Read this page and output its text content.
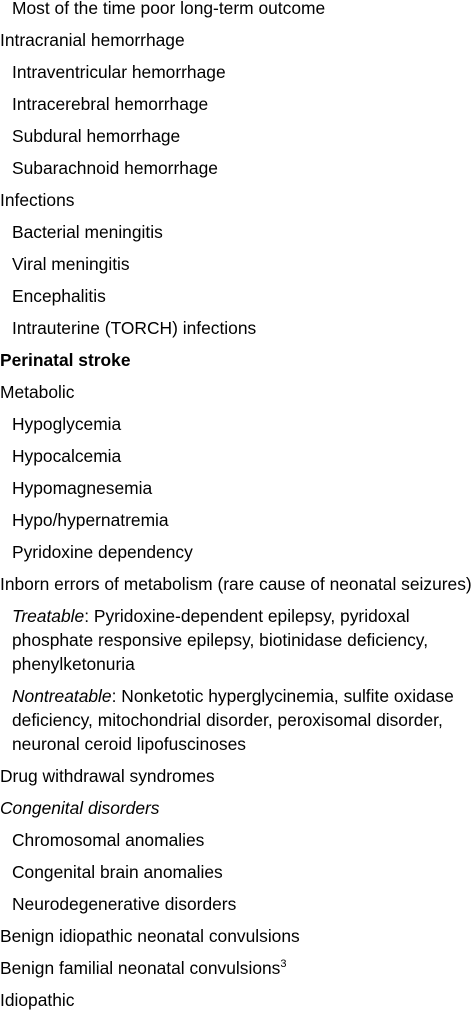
Most of the time poor long-term outcome
Intracranial hemorrhage
Intraventricular hemorrhage
Intracerebral hemorrhage
Subdural hemorrhage
Subarachnoid hemorrhage
Infections
Bacterial meningitis
Viral meningitis
Encephalitis
Intrauterine (TORCH) infections
Perinatal stroke
Metabolic
Hypoglycemia
Hypocalcemia
Hypomagnesemia
Hypo/hypernatremia
Pyridoxine dependency
Inborn errors of metabolism (rare cause of neonatal seizures)
Treatable: Pyridoxine-dependent epilepsy, pyridoxal phosphate responsive epilepsy, biotinidase deficiency, phenylketonuria
Nontreatable: Nonketotic hyperglycinemia, sulfite oxidase deficiency, mitochondrial disorder, peroxisomal disorder, neuronal ceroid lipofuscinoses
Drug withdrawal syndromes
Congenital disorders
Chromosomal anomalies
Congenital brain anomalies
Neurodegenerative disorders
Benign idiopathic neonatal convulsions
Benign familial neonatal convulsions$^3$
Idiopathic
